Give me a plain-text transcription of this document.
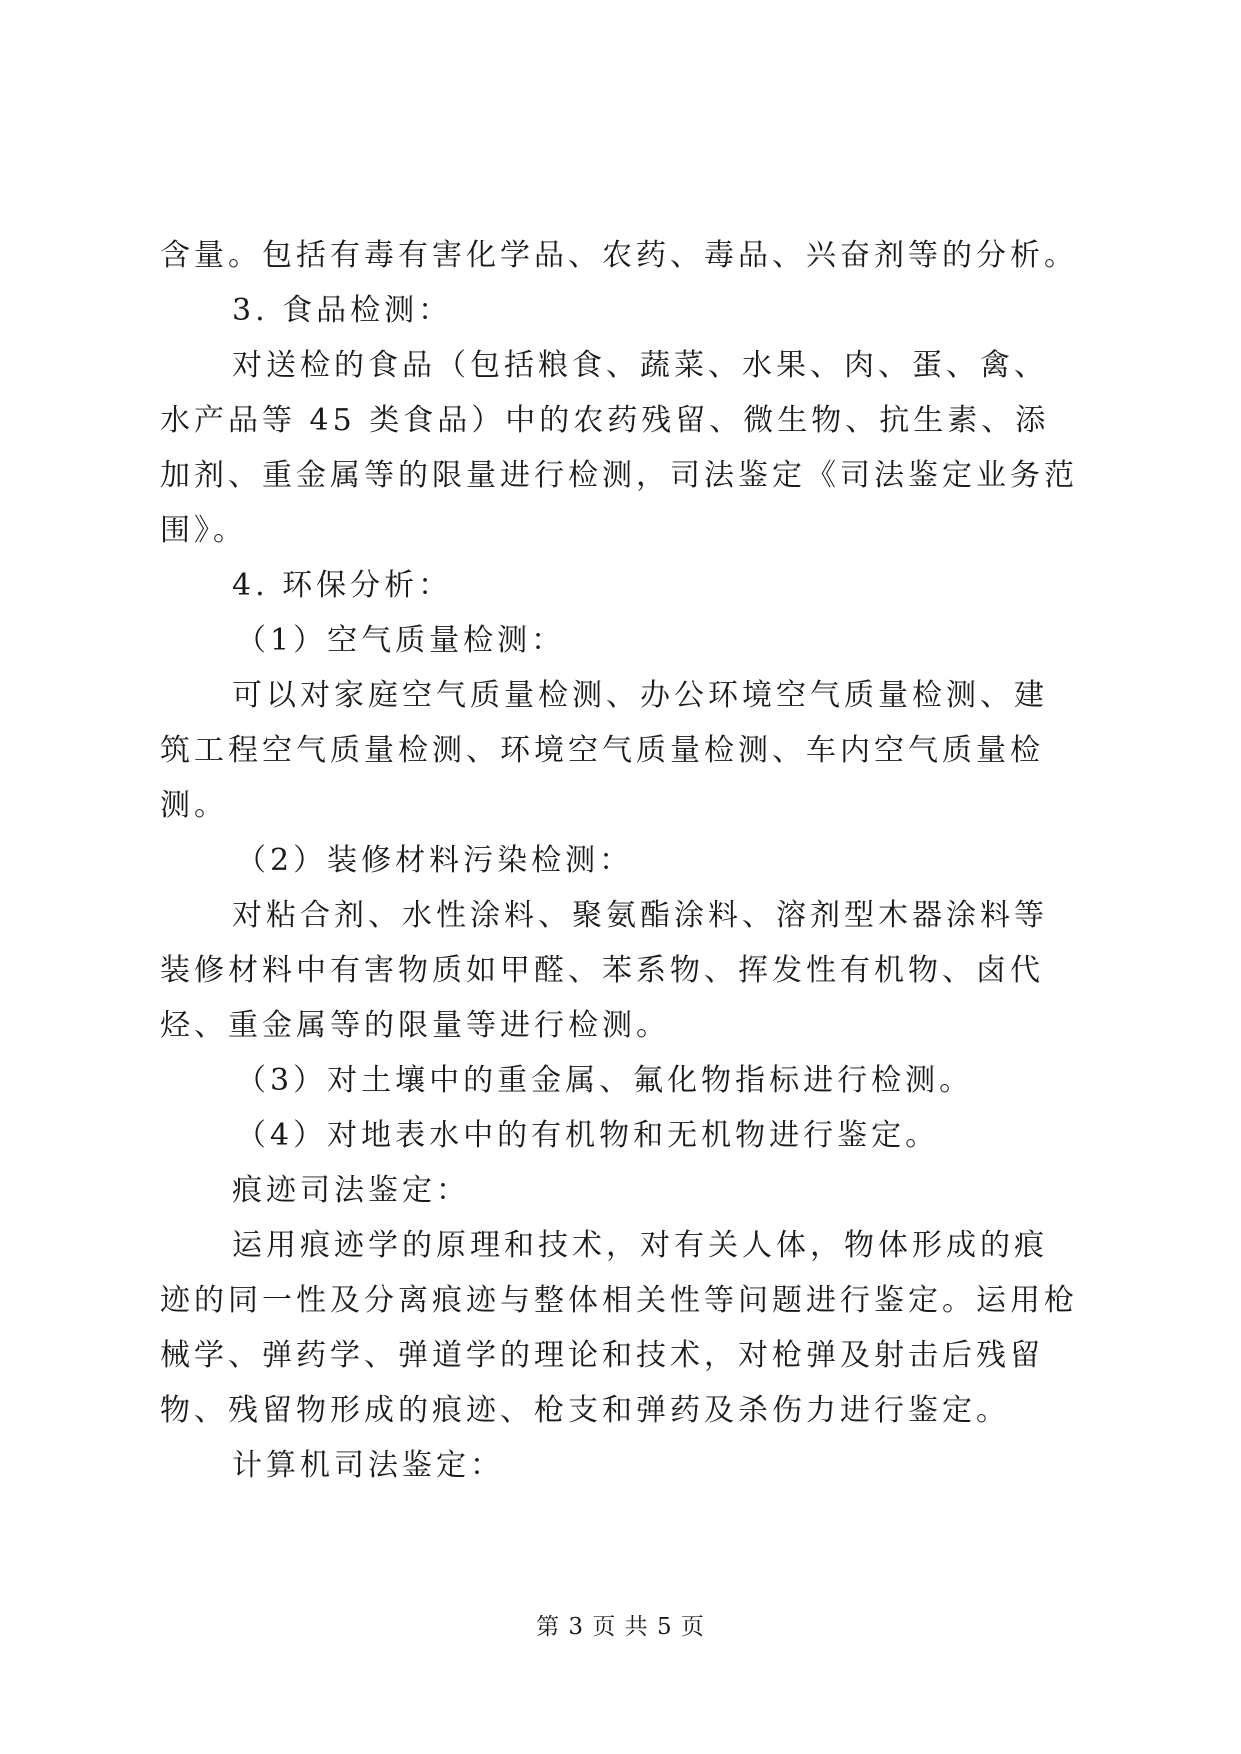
含量。包括有毒有害化学品、农药、毒品、兴奋剂等的分析。

3. 食品检测：

对送检的食品（包括粮食、蔬菜、水果、肉、蛋、禽、水产品等 45 类食品）中的农药残留、微生物、抗生素、添加剂、重金属等的限量进行检测，司法鉴定《司法鉴定业务范围》。

4. 环保分析：

（1）空气质量检测：

可以对家庭空气质量检测、办公环境空气质量检测、建筑工程空气质量检测、环境空气质量检测、车内空气质量检测。

（2）装修材料污染检测：

对粘合剂、水性涂料、聚氨酯涂料、溶剂型木器涂料等装修材料中有害物质如甲醛、苯系物、挥发性有机物、卤代烃、重金属等的限量等进行检测。

（3）对土壤中的重金属、氟化物指标进行检测。

（4）对地表水中的有机物和无机物进行鉴定。

痕迹司法鉴定：

运用痕迹学的原理和技术，对有关人体，物体形成的痕迹的同一性及分离痕迹与整体相关性等问题进行鉴定。运用枪械学、弹药学、弹道学的理论和技术，对枪弹及射击后残留物、残留物形成的痕迹、枪支和弹药及杀伤力进行鉴定。

计算机司法鉴定：

第 3 页 共 5 页
